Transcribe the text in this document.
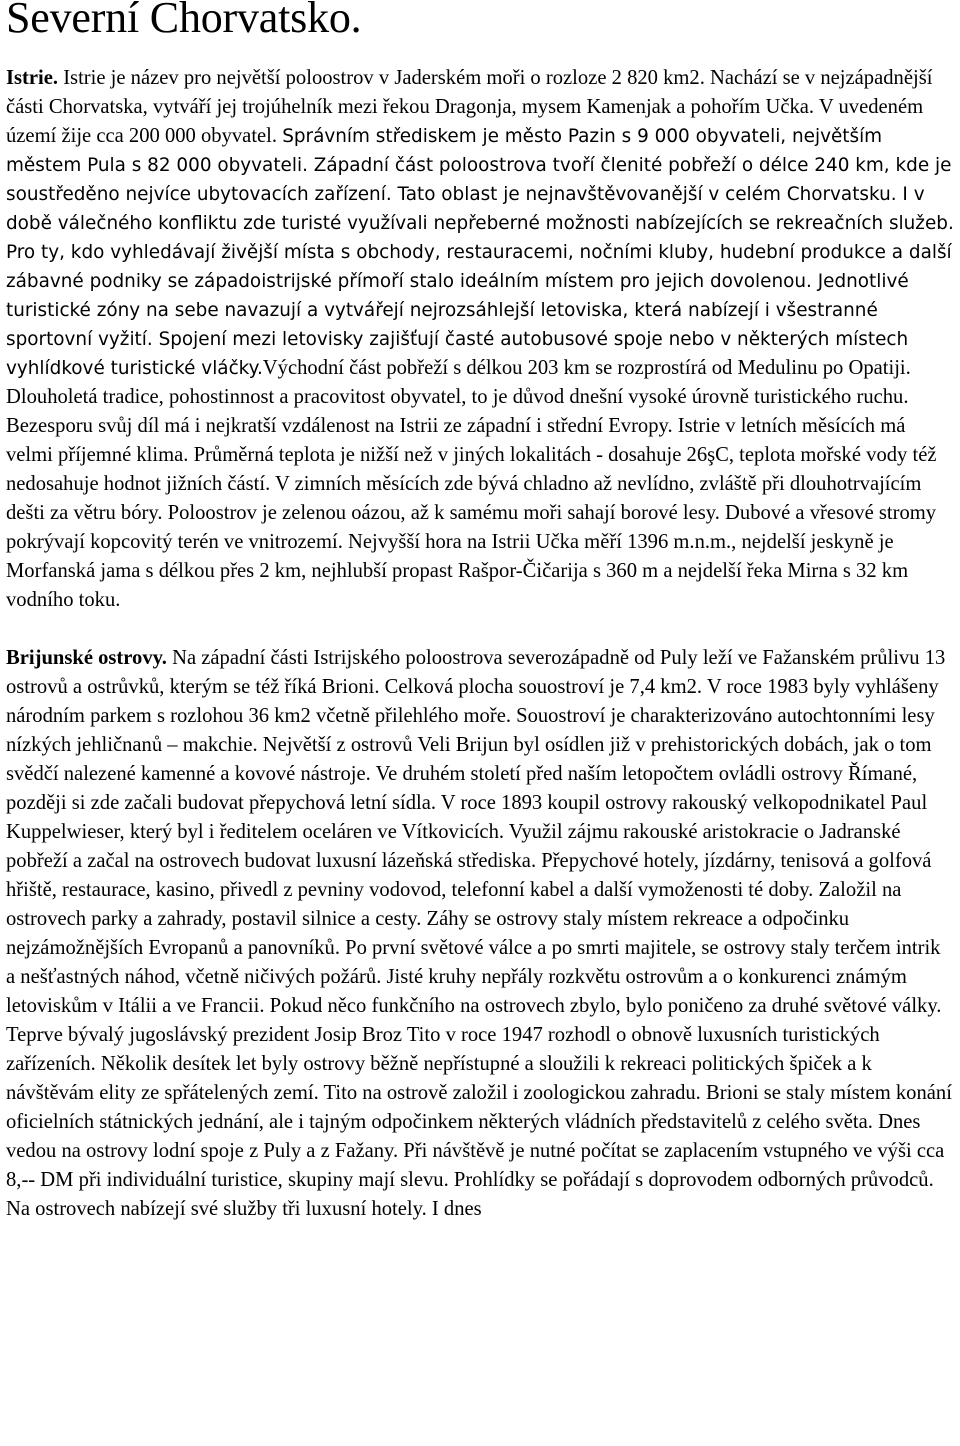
Severní Chorvatsko.

Istrie. Istrie je název pro největší poloostrov v Jaderském moři o rozloze 2 820 km2. Nachází se v nejzápadnější části Chorvatska, vytváří jej trojúhelník mezi řekou Dragonja, mysem Kamenjak a pohořím Učka. V uvedeném území žije cca 200 000 obyvatel. Správním střediskem je město Pazin s 9 000 obyvateli, největším městem Pula s 82 000 obyvateli. Západní část poloostrova tvoří členité pobřeží o délce 240 km, kde je soustředěno nejvíce ubytovacích zařízení. Tato oblast je nejnavštěvovanější v celém Chorvatsku. I v době válečného konfliktu zde turisté využívali nepřeberné možnosti nabízejících se rekreačních služeb. Pro ty, kdo vyhledávají živější místa s obchody, restauracemi, nočními kluby, hudební produkce a další zábavné podniky se západoistrijské přímoří stalo ideálním místem pro jejich dovolenou. Jednotlivé turistické zóny na sebe navazují a vytvářejí nejrozsáhlejší letoviska, která nabízejí i všestranné sportovní vyžití. Spojení mezi letovisky zajišťují časté autobusové spoje nebo v některých místech vyhlídkové turistické vláčky.Východní část pobřeží s délkou 203 km se rozprostírá od Medulinu po Opatiji. Dlouholetá tradice, pohostinnost a pracovitost obyvatel, to je důvod dnešní vysoké úrovně turistického ruchu. Bezesporu svůj díl má i nejkratší vzdálenost na Istrii ze západní i střední Evropy. Istrie v letních měsících má velmi příjemné klima. Průměrná teplota je nižší než v jiných lokalitách - dosahuje 26şC, teplota mořské vody též nedosahuje hodnot jižních částí. V zimních měsících zde bývá chladno až nevlídno, zvláště při dlouhotrvajícím dešti za větru bóry. Poloostrov je zelenou oázou, až k samému moři sahají borové lesy. Dubové a vřesové stromy pokrývají kopcovitý terén ve vnitrozemí. Nejvyšší hora na Istrii Učka měří 1396 m.n.m., nejdelší jeskyně je Morfanská jama s délkou přes 2 km, nejhlubší propast Rašpor-Čičarija s 360 m a nejdelší řeka Mirna s 32 km vodního toku.

Brijunské ostrovy. Na západní části Istrijského poloostrova severozápadně od Puly leží ve Fažanském průlivu 13 ostrovů a ostrůvků, kterým se též říká Brioni. Celková plocha souostroví je 7,4 km2. V roce 1983 byly vyhlášeny národním parkem s rozlohou 36 km2 včetně přilehlého moře. Souostroví je charakterizováno autochtonními lesy nízkých jehličnanů – makchie. Největší z ostrovů Veli Brijun byl osídlen již v prehistorických dobách, jak o tom svědčí nalezené kamenné a kovové nástroje. Ve druhém století před naším letopočtem ovládli ostrovy Římané, později si zde začali budovat přepychová letní sídla. V roce 1893 koupil ostrovy rakouský velkopodnikatel Paul Kuppelwieser, který byl i ředitelem oceláren ve Vítkovicích. Využil zájmu rakouské aristokracie o Jadranské pobřeží a začal na ostrovech budovat luxusní lázeňská střediska. Přepychové hotely, jízdárny, tenisová a golfová hřiště, restaurace, kasino, přivedl z pevniny vodovod, telefonní kabel a další vymoženosti té doby. Založil na ostrovech parky a zahrady, postavil silnice a cesty. Záhy se ostrovy staly místem rekreace a odpočinku nejzámožnějších Evropanů a panovníků. Po první světové válce a po smrti majitele, se ostrovy staly terčem intrik a nešťastných náhod, včetně ničivých požárů. Jisté kruhy nepřály rozkvětu ostrovům a o konkurenci známým letoviskům v Itálii a ve Francii. Pokud něco funkčního na ostrovech zbylo, bylo poničeno za druhé světové války. Teprve bývalý jugoslávský prezident Josip Broz Tito v roce 1947 rozhodl o obnově luxusních turistických zařízeních. Několik desítek let byly ostrovy běžně nepřístupné a sloužili k rekreaci politických špiček a k návštěvám elity ze spřátelených zemí. Tito na ostrově založil i zoologickou zahradu. Brioni se staly místem konání oficielních státnických jednání, ale i tajným odpočinkem některých vládních představitelů z celého světa. Dnes vedou na ostrovy lodní spoje z Puly a z Fažany. Při návštěvě je nutné počítat se zaplacením vstupného ve výši cca 8,-- DM při individuální turistice, skupiny mají slevu. Prohlídky se pořádají s doprovodem odborných průvodců. Na ostrovech nabízejí své služby tři luxusní hotely. I dnes
